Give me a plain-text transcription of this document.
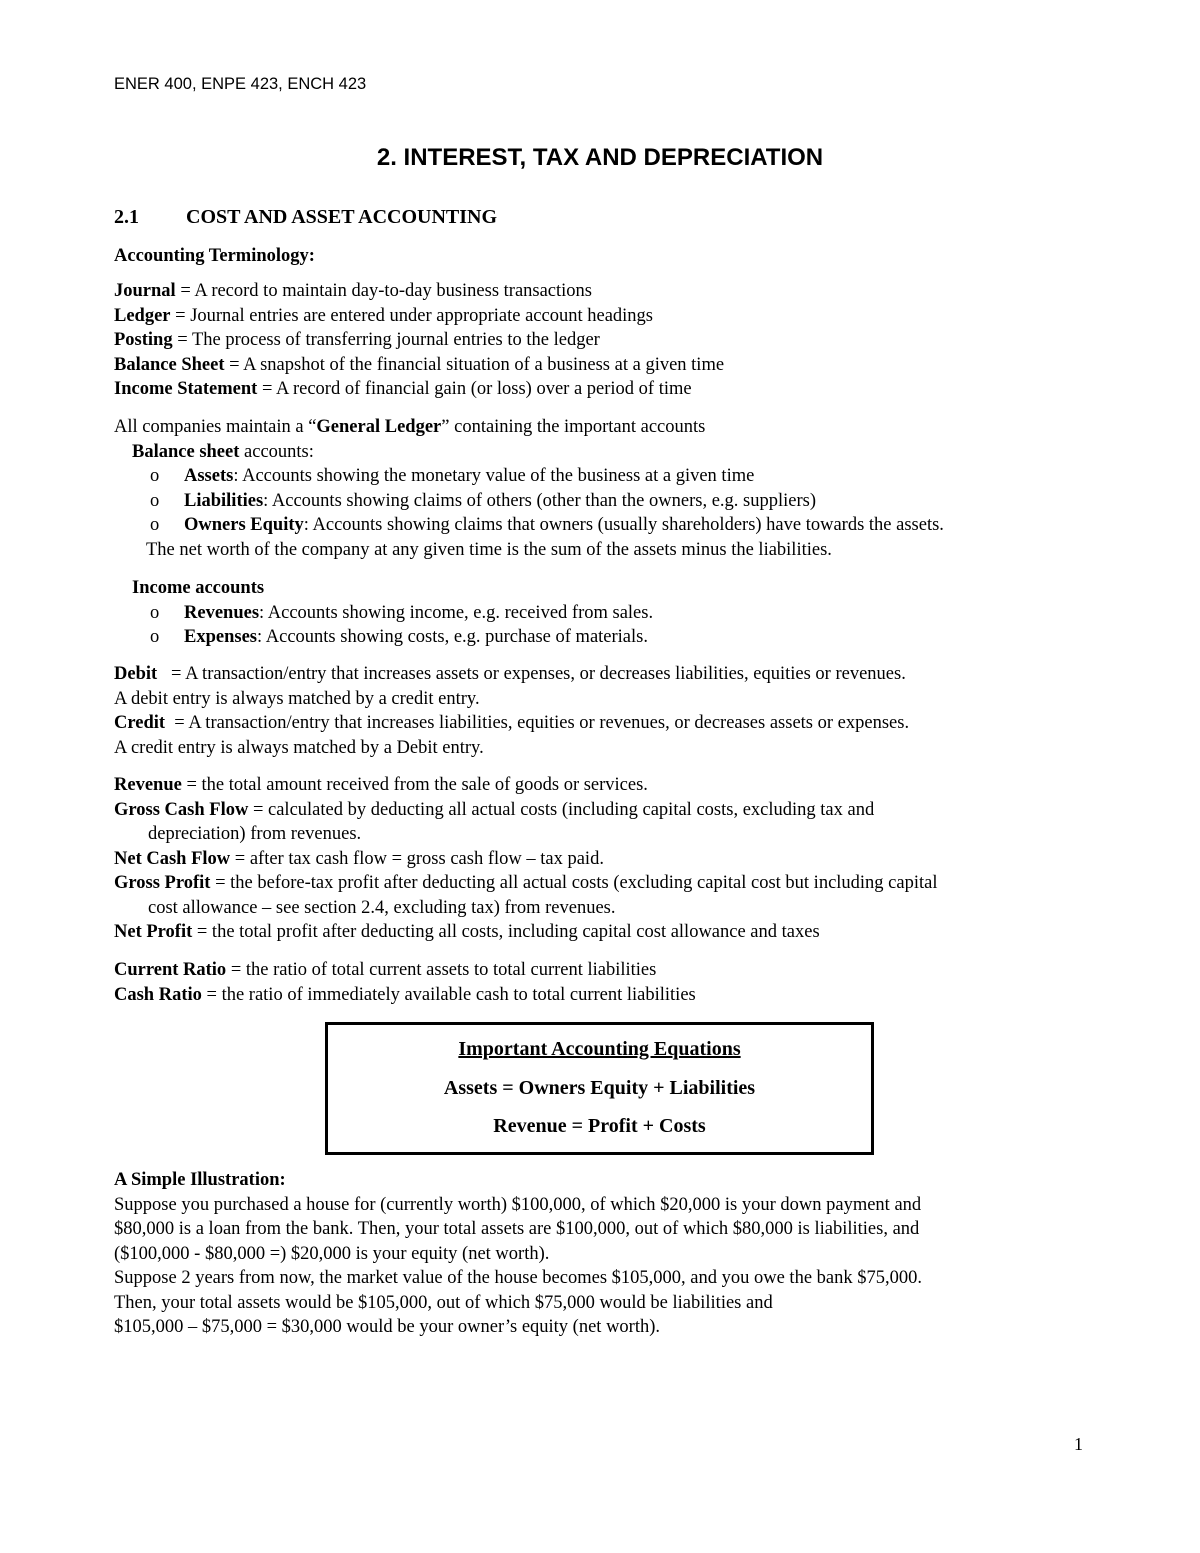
ENER 400, ENPE 423, ENCH 423
2. INTEREST, TAX AND DEPRECIATION
2.1 COST AND ASSET ACCOUNTING
Accounting Terminology:
Journal = A record to maintain day-to-day business transactions
Ledger = Journal entries are entered under appropriate account headings
Posting = The process of transferring journal entries to the ledger
Balance Sheet = A snapshot of the financial situation of a business at a given time
Income Statement = A record of financial gain (or loss) over a period of time
All companies maintain a “General Ledger” containing the important accounts
Balance sheet accounts:
o Assets: Accounts showing the monetary value of the business at a given time
o Liabilities: Accounts showing claims of others (other than the owners, e.g. suppliers)
o Owners Equity: Accounts showing claims that owners (usually shareholders) have towards the assets.
The net worth of the company at any given time is the sum of the assets minus the liabilities.
Income accounts
o Revenues: Accounts showing income, e.g. received from sales.
o Expenses: Accounts showing costs, e.g. purchase of materials.
Debit   = A transaction/entry that increases assets or expenses, or decreases liabilities, equities or revenues.
A debit entry is always matched by a credit entry.
Credit  = A transaction/entry that increases liabilities, equities or revenues, or decreases assets or expenses.
A credit entry is always matched by a Debit entry.
Revenue = the total amount received from the sale of goods or services.
Gross Cash Flow = calculated by deducting all actual costs (including capital costs, excluding tax and
depreciation) from revenues.
Net Cash Flow = after tax cash flow = gross cash flow – tax paid.
Gross Profit = the before-tax profit after deducting all actual costs (excluding capital cost but including capital
cost allowance – see section 2.4, excluding tax) from revenues.
Net Profit = the total profit after deducting all costs, including capital cost allowance and taxes
Current Ratio = the ratio of total current assets to total current liabilities
Cash Ratio = the ratio of immediately available cash to total current liabilities
Important Accounting Equations
Assets = Owners Equity + Liabilities
Revenue = Profit + Costs
A Simple Illustration:
Suppose you purchased a house for (currently worth) $100,000, of which $20,000 is your down payment and
$80,000 is a loan from the bank. Then, your total assets are $100,000, out of which $80,000 is liabilities, and
($100,000 - $80,000 =) $20,000 is your equity (net worth).
Suppose 2 years from now, the market value of the house becomes $105,000, and you owe the bank $75,000.
Then, your total assets would be $105,000, out of which $75,000 would be liabilities and
$105,000 – $75,000 = $30,000 would be your owner’s equity (net worth).
1
